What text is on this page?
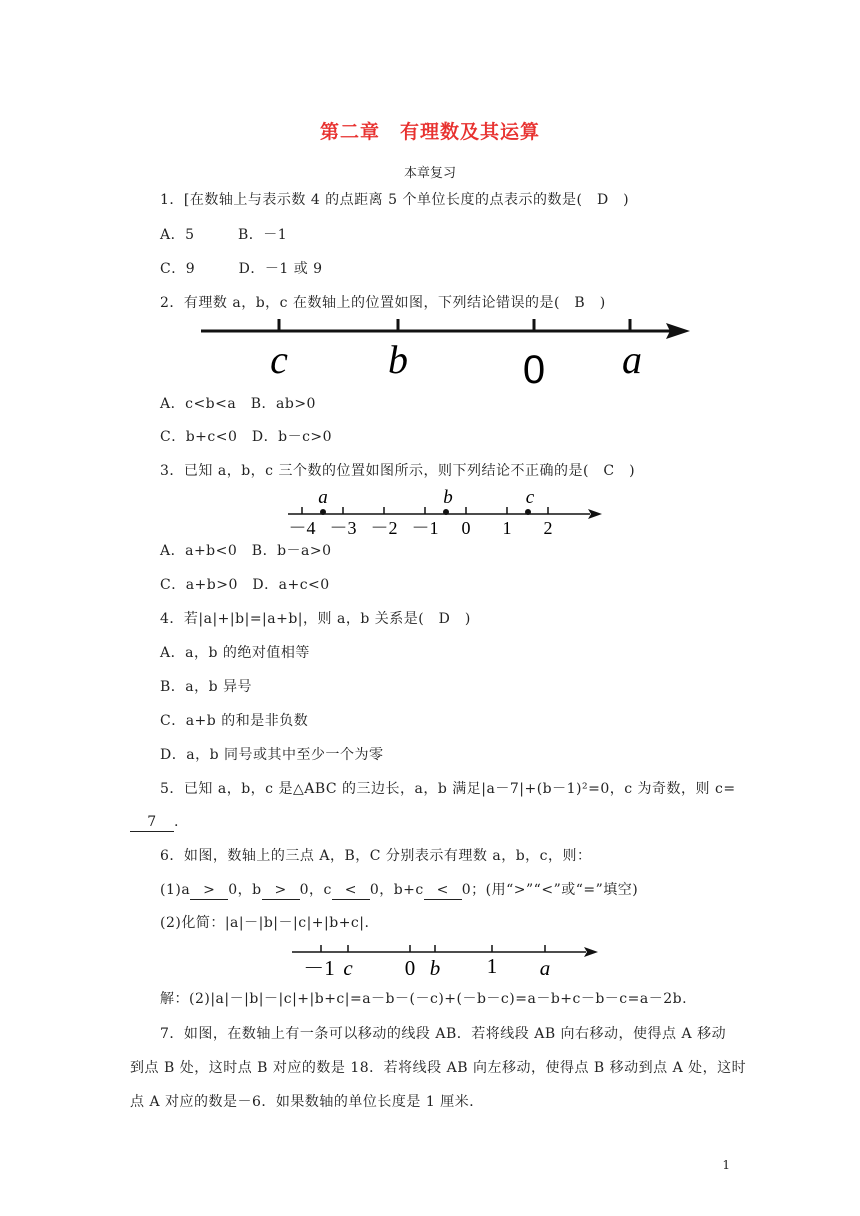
第二章　有理数及其运算
本章复习
1．[在数轴上与表示数 4 的点距离 5 个单位长度的点表示的数是(　D　)
A．5　　　B．－1
C．9　　　D．－1 或 9
2．有理数 a，b，c 在数轴上的位置如图，下列结论错误的是(　B　)
c	b	0 a
A．c<b<a　B．ab>0
C．b+c<0　D．b－c>0
3．已知 a，b，c 三个数的位置如图所示，则下列结论不正确的是(　C　)
a	b	c
－4 －3 －2 －1 0 1 2
A．a+b<0　B．b－a>0
C．a+b>0　D．a+c<0
4．若|a|+|b|=|a+b|，则 a，b 关系是(　D　)
A．a，b 的绝对值相等
B．a，b 异号
C．a+b 的和是非负数
D．a，b 同号或其中至少一个为零
5．已知 a，b，c 是△ABC 的三边长，a，b 满足|a－7|+(b－1)²=0，c 为奇数，则 c=
7 .
6．如图，数轴上的三点 A，B，C 分别表示有理数 a，b，c，则：
(1)a > 0，b > 0，c < 0，b+c < 0；(用“>”“<”或“=”填空)
(2)化简：|a|－|b|－|c|+|b+c|.
－1 c 0 b 1 a
解：(2)|a|－|b|－|c|+|b+c|=a－b－(－c)+(－b－c)=a－b+c－b－c=a－2b.
7．如图，在数轴上有一条可以移动的线段 AB．若将线段 AB 向右移动，使得点 A 移动
到点 B 处，这时点 B 对应的数是 18．若将线段 AB 向左移动，使得点 B 移动到点 A 处，这时
点 A 对应的数是－6．如果数轴的单位长度是 1 厘米．
1
